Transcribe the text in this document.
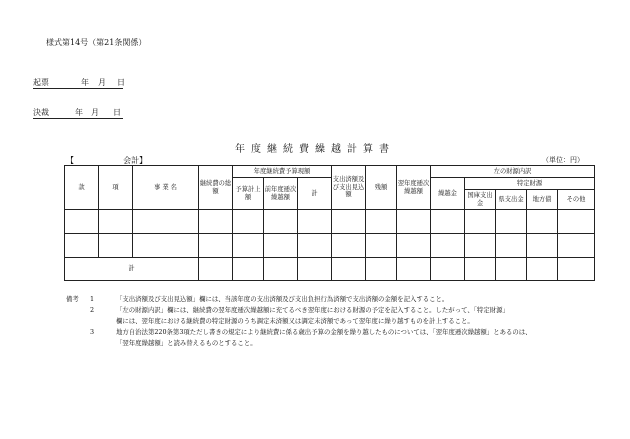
様式第14号（第21条関係）
起票	年 月 日
決裁	年 月 日
年度継続費繰越計算書
【	会計】	（単位：円）
款	項	事 業 名	継続費の総額	年度継続費予算現額			支出済額及び支出見込額	残額	翌年度逓次繰越額	左の財源内訳				
				予算計上額	前年度逓次繰越額	計				繰越金	特定財源			
											国庫支出金	県支出金	地方債	その他

計														
備考	1	「支出済額及び支出見込額」欄には、当該年度の支出済額及び支出負担行為済額で支出済額の金額を記入すること。
2	「左の財源内訳」欄には、継続費の翌年度逓次繰越額に充てるべき翌年度における財源の予定を記入すること。したがって、「特定財源」
欄には、翌年度における継続費の特定財源のうち調定未済額又は調定未済額であって翌年度に繰り越すものを計上すること。
3	地方自治法第220条第3項ただし書きの規定により継続費に係る歳出予算の金額を繰り越したものについては、「翌年度逓次繰越額」とあるのは、
「翌年度繰越額」と読み替えるものとすること。
